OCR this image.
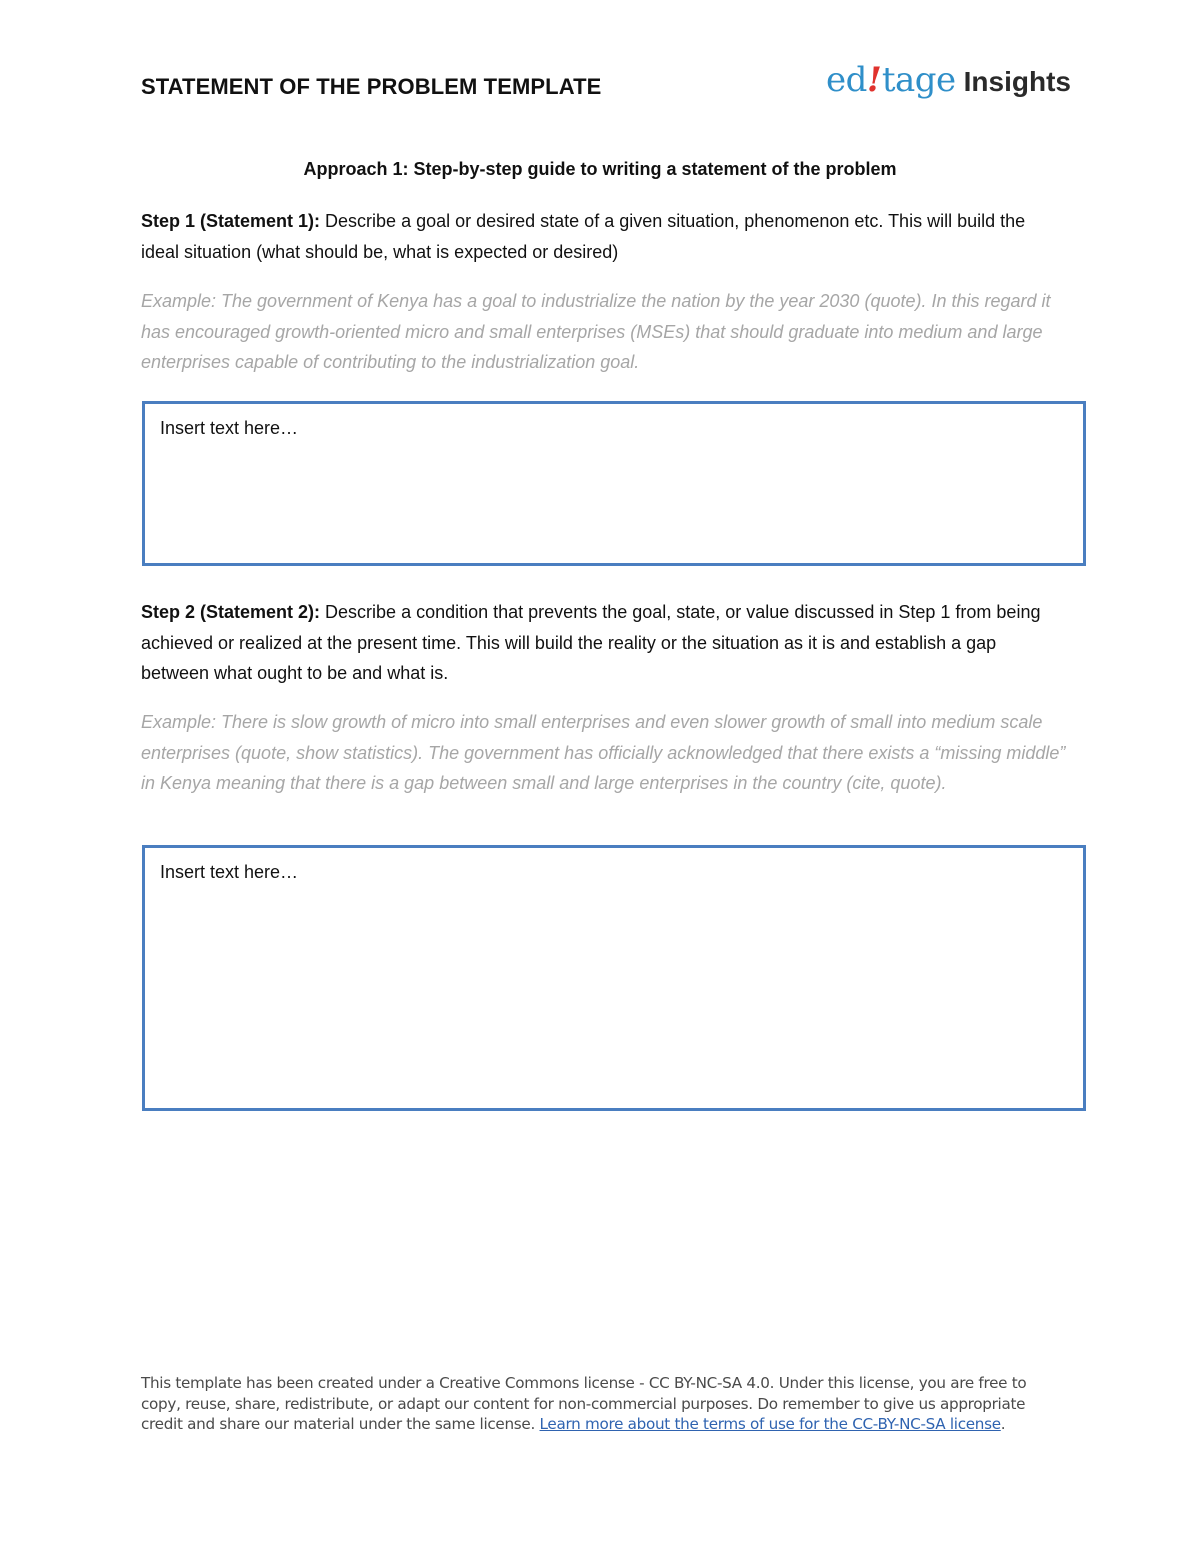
STATEMENT OF THE PROBLEM TEMPLATE	ed ! tage Insights
Approach 1: Step-by-step guide to writing a statement of the problem
Step 1 (Statement 1): Describe a goal or desired state of a given situation, phenomenon etc. This will build the ideal situation (what should be, what is expected or desired)
Example: The government of Kenya has a goal to industrialize the nation by the year 2030 (quote). In this regard it has encouraged growth-oriented micro and small enterprises (MSEs) that should graduate into medium and large enterprises capable of contributing to the industrialization goal.
Insert text here…
Step 2 (Statement 2): Describe a condition that prevents the goal, state, or value discussed in Step 1 from being achieved or realized at the present time. This will build the reality or the situation as it is and establish a gap between what ought to be and what is.
Example: There is slow growth of micro into small enterprises and even slower growth of small into medium scale enterprises (quote, show statistics). The government has officially acknowledged that there exists a “missing middle” in Kenya meaning that there is a gap between small and large enterprises in the country (cite, quote).
Insert text here…
This template has been created under a Creative Commons license - CC BY-NC-SA 4.0. Under this license, you are free to copy, reuse, share, redistribute, or adapt our content for non-commercial purposes. Do remember to give us appropriate credit and share our material under the same license. Learn more about the terms of use for the CC-BY-NC-SA license.
